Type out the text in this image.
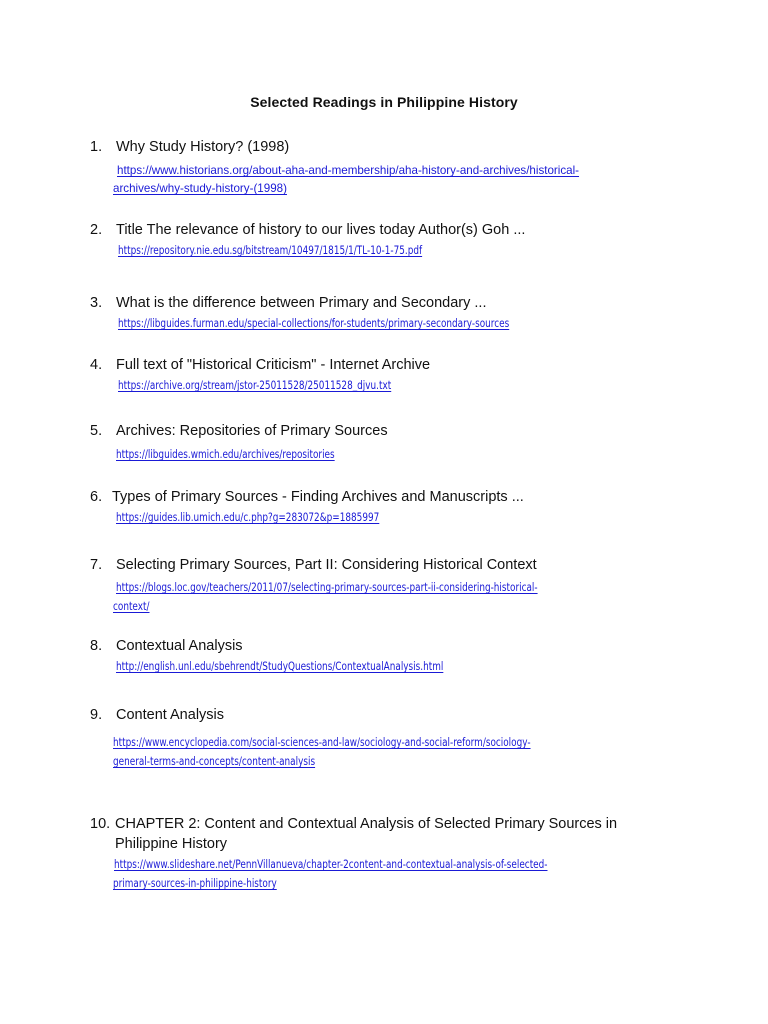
Selected Readings in Philippine History
1. Why Study History? (1998)
https://www.historians.org/about-aha-and-membership/aha-history-and-archives/historical-
archives/why-study-history-(1998)
2. Title The relevance of history to our lives today Author(s) Goh ...
https://repository.nie.edu.sg/bitstream/10497/1815/1/TL-10-1-75.pdf
3. What is the difference between Primary and Secondary ...
https://libguides.furman.edu/special-collections/for-students/primary-secondary-sources
4. Full text of "Historical Criticism" - Internet Archive
https://archive.org/stream/jstor-25011528/25011528_djvu.txt
5. Archives: Repositories of Primary Sources
https://libguides.wmich.edu/archives/repositories
6. Types of Primary Sources - Finding Archives and Manuscripts ...
https://guides.lib.umich.edu/c.php?g=283072&p=1885997
7. Selecting Primary Sources, Part II: Considering Historical Context
https://blogs.loc.gov/teachers/2011/07/selecting-primary-sources-part-ii-considering-historical-
context/
8. Contextual Analysis
http://english.unl.edu/sbehrendt/StudyQuestions/ContextualAnalysis.html
9. Content Analysis
https://www.encyclopedia.com/social-sciences-and-law/sociology-and-social-reform/sociology-
general-terms-and-concepts/content-analysis
10. CHAPTER 2: Content and Contextual Analysis of Selected Primary Sources in
Philippine History
https://www.slideshare.net/PennVillanueva/chapter-2content-and-contextual-analysis-of-selected-
primary-sources-in-philippine-history
